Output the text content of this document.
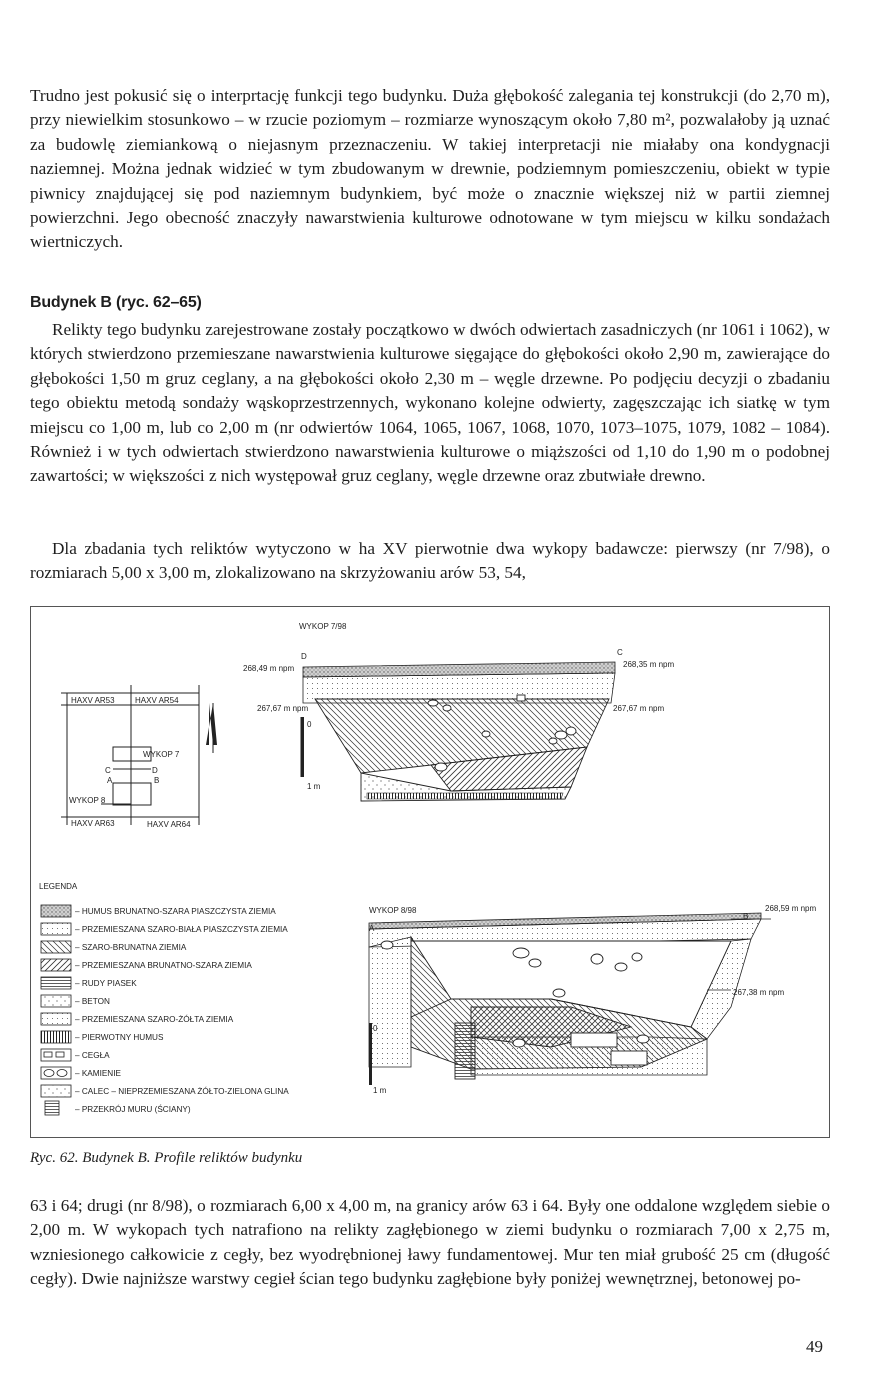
Trudno jest pokusić się o interprtację funkcji tego budynku. Duża głębokość zalegania tej konstrukcji (do 2,70 m), przy niewielkim stosunkowo – w rzucie poziomym – rozmiarze wynoszącym około 7,80 m², pozwalałoby ją uznać za budowlę ziemiankową o niejasnym przeznaczeniu. W takiej interpretacji nie miałaby ona kondygnacji naziemnej. Można jednak widzieć w tym zbudowanym w drewnie, podziemnym pomieszczeniu, obiekt w typie piwnicy znajdującej się pod naziemnym budynkiem, być może o znacznie większej niż w partii ziemnej powierzchni. Jego obecność znaczyły nawarstwienia kulturowe odnotowane w tym miejscu w kilku sondażach wiertniczych.

Budynek B (ryc. 62–65)

Relikty tego budynku zarejestrowane zostały początkowo w dwóch odwiertach zasadniczych (nr 1061 i 1062), w których stwierdzono przemieszane nawarstwienia kulturowe sięgające do głębokości około 2,90 m, zawierające do głębokości 1,50 m gruz ceglany, a na głębokości około 2,30 m – węgle drzewne. Po podjęciu decyzji o zbadaniu tego obiektu metodą sondaży wąskoprzestrzennych, wykonano kolejne odwierty, zagęszczając ich siatkę w tym miejscu co 1,00 m, lub co 2,00 m (nr odwiertów 1064, 1065, 1067, 1068, 1070, 1073–1075, 1079, 1082 – 1084). Również i w tych odwiertach stwierdzono nawarstwienia kulturowe o miąższości od 1,10 do 1,90 m o podobnej zawartości; w większości z nich występował gruz ceglany, węgle drzewne oraz zbutwiałe drewno.

Dla zbadania tych reliktów wytyczono w ha XV pierwotnie dwa wykopy badawcze: pierwszy (nr 7/98), o rozmiarach 5,00 x 3,00 m, zlokalizowano na skrzyżowaniu arów 53, 54,

HAXV AR53	HAXV AR54
HAXV AR63	HAXV AR64
WYKOP 7
WYKOP 8
C	D
A	B
WYKOP 7/98
D	C
268,49 m npm	268,35 m npm
267,67 m npm	267,67 m npm
0
1 m
LEGENDA
– HUMUS BRUNATNO-SZARA PIASZCZYSTA ZIEMIA
– PRZEMIESZANA SZARO-BIAŁA PIASZCZYSTA ZIEMIA
– SZARO-BRUNATNA ZIEMIA
– PRZEMIESZANA BRUNATNO-SZARA ZIEMIA
– RUDY PIASEK
– BETON
– PRZEMIESZANA SZARO-ŻÓŁTA ZIEMIA
– PIERWOTNY HUMUS
– CEGŁA
– KAMIENIE
– CALEC – NIEPRZEMIESZANA ŻÓŁTO-ZIELONA GLINA
– PRZEKRÓJ MURU (ŚCIANY)
WYKOP 8/98
A
B
268,59 m npm
267,38 m npm
0
1 m
Ryc. 62. Budynek B. Profile reliktów budynku

63 i 64; drugi (nr 8/98), o rozmiarach 6,00 x 4,00 m, na granicy arów 63 i 64. Były one oddalone względem siebie o 2,00 m. W wykopach tych natrafiono na relikty zagłębionego w ziemi budynku o rozmiarach 7,00 x 2,75 m, wzniesionego całkowicie z cegły, bez wyodrębnionej ławy fundamentowej. Mur ten miał grubość 25 cm (długość cegły). Dwie najniższe warstwy cegieł ścian tego budynku zagłębione były poniżej wewnętrznej, betonowej po-

49
